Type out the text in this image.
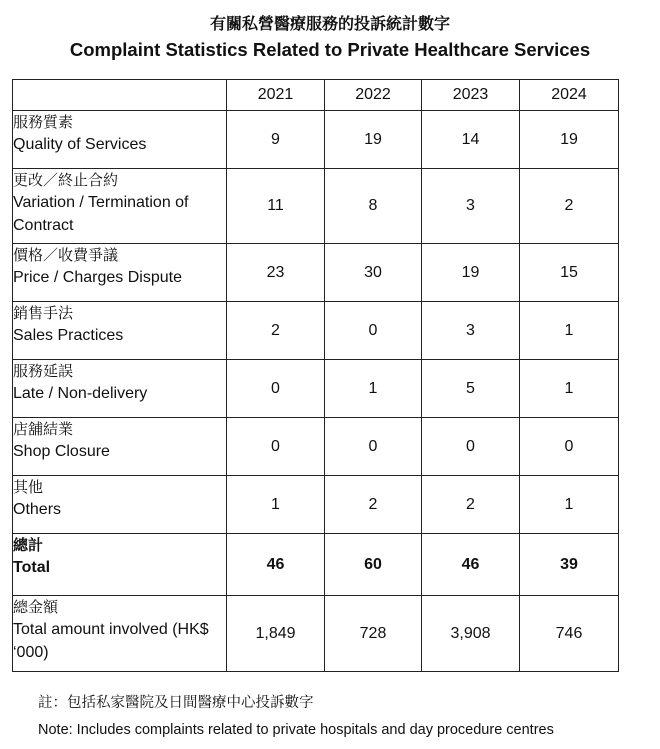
有關私營醫療服務的投訴統計數字
Complaint Statistics Related to Private Healthcare Services
	2021	2022	2023	2024

服務質素
Quality of Services	9	19	14	19

更改／終止合約
Variation / Termination of Contract	11	8	3	2

價格／收費爭議
Price / Charges Dispute	23	30	19	15

銷售手法
Sales Practices	2	0	3	1

服務延誤
Late / Non-delivery	0	1	5	1

店舖結業
Shop Closure	0	0	0	0

其他
Others	1	2	2	1

總計
Total	46	60	46	39

總金額
Total amount involved (HK$ ‘000)	1,849	728	3,908	746
註：包括私家醫院及日間醫療中心投訴數字
Note: Includes complaints related to private hospitals and day procedure centres
